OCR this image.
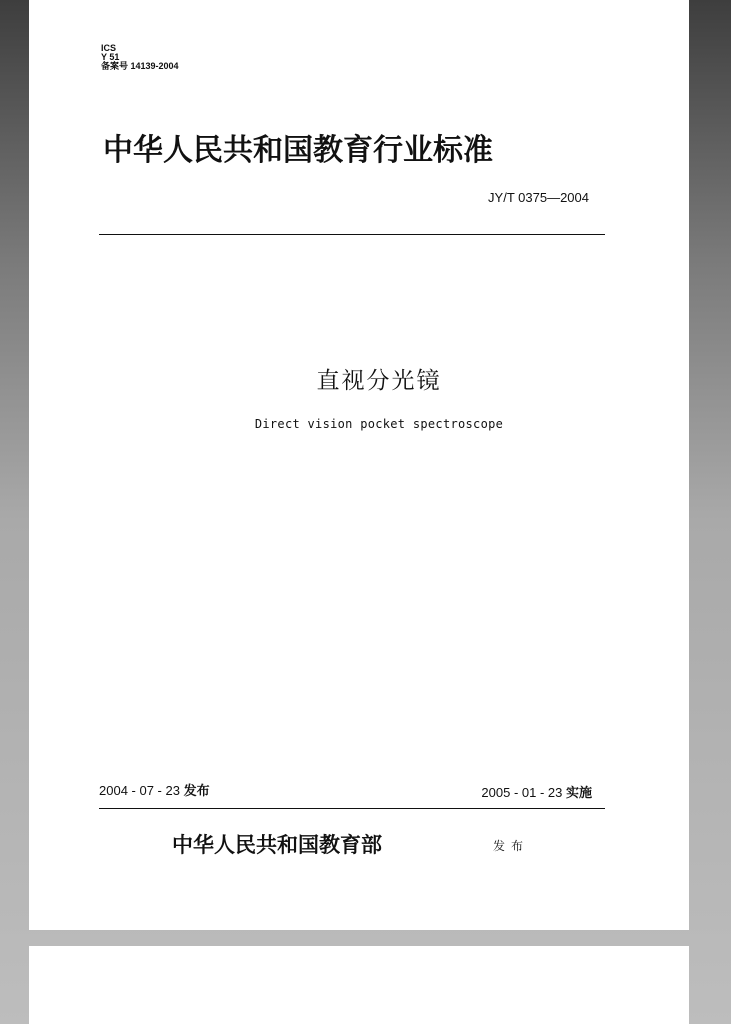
ICS
Y 51
备案号 14139-2004
中华人民共和国教育行业标准
JY/T 0375—2004
直视分光镜
Direct vision pocket spectroscope
2004 - 07 - 23 发布	2005 - 01 - 23 实施
中华人民共和国教育部	发布
